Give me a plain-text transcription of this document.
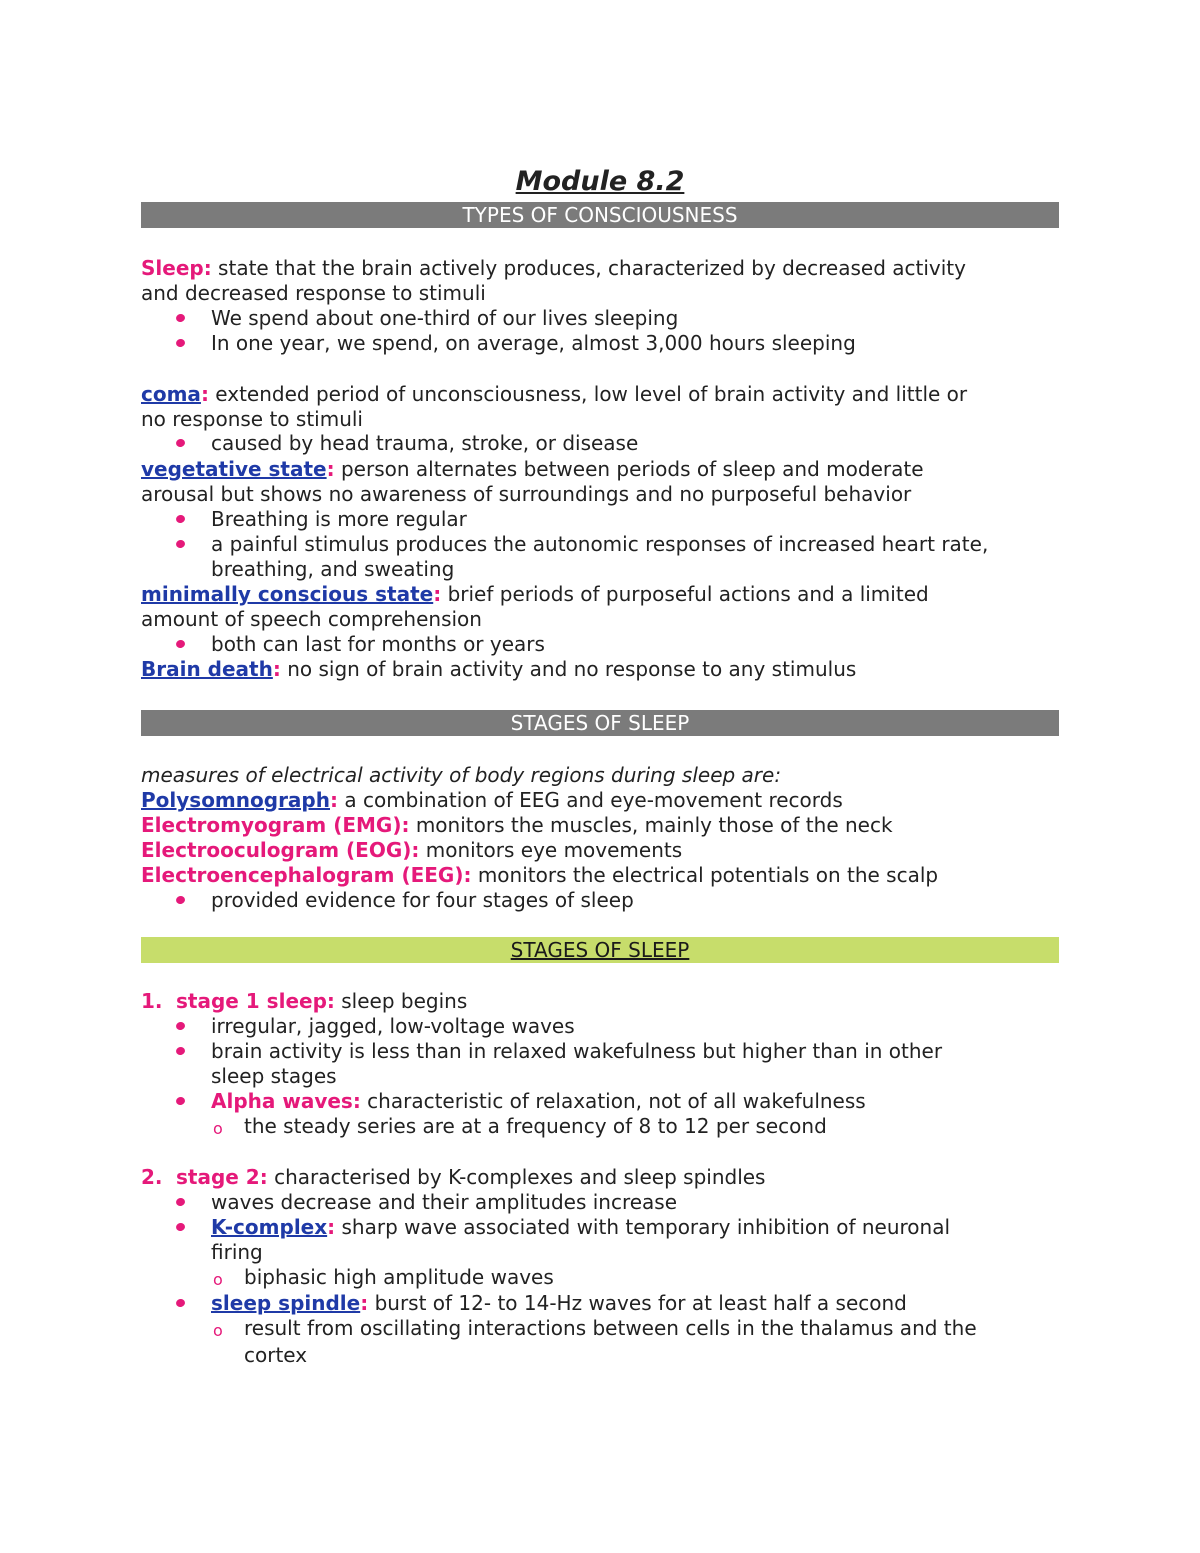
Module 8.2
TYPES OF CONSCIOUSNESS
Sleep: state that the brain actively produces, characterized by decreased activity
and decreased response to stimuli
We spend about one-third of our lives sleeping
In one year, we spend, on average, almost 3,000 hours sleeping
coma: extended period of unconsciousness, low level of brain activity and little or
no response to stimuli
caused by head trauma, stroke, or disease
vegetative state: person alternates between periods of sleep and moderate
arousal but shows no awareness of surroundings and no purposeful behavior
Breathing is more regular
a painful stimulus produces the autonomic responses of increased heart rate,
breathing, and sweating
minimally conscious state: brief periods of purposeful actions and a limited
amount of speech comprehension
both can last for months or years
Brain death: no sign of brain activity and no response to any stimulus
STAGES OF SLEEP
measures of electrical activity of body regions during sleep are:
Polysomnograph: a combination of EEG and eye-movement records
Electromyogram (EMG): monitors the muscles, mainly those of the neck
Electrooculogram (EOG): monitors eye movements
Electroencephalogram (EEG): monitors the electrical potentials on the scalp
provided evidence for four stages of sleep
STAGES OF SLEEP
1. stage 1 sleep: sleep begins
irregular, jagged, low-voltage waves
brain activity is less than in relaxed wakefulness but higher than in other
sleep stages
Alpha waves: characteristic of relaxation, not of all wakefulness
o the steady series are at a frequency of 8 to 12 per second
2. stage 2: characterised by K-complexes and sleep spindles
waves decrease and their amplitudes increase
K-complex: sharp wave associated with temporary inhibition of neuronal
firing
o biphasic high amplitude waves
sleep spindle: burst of 12- to 14-Hz waves for at least half a second
o result from oscillating interactions between cells in the thalamus and the
cortex
